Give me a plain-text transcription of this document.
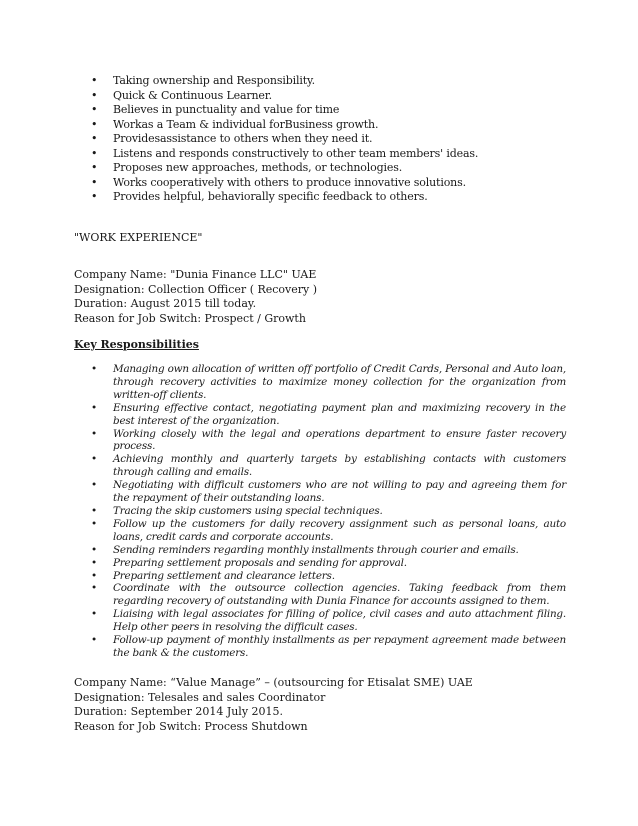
•	Taking ownership and Responsibility.
•	Quick & Continuous Learner.
•	Believes in punctuality and value for time
•	Workas a Team & individual forBusiness growth.
•	Providesassistance to others when they need it.
•	Listens and responds constructively to other team members' ideas.
•	Proposes new approaches, methods, or technologies.
•	Works cooperatively with others to produce innovative solutions.
•	Provides helpful, behaviorally specific feedback to others.
"WORK EXPERIENCE"
Company Name: "Dunia Finance LLC" UAE
Designation: Collection Officer ( Recovery )
Duration: August 2015 till today.
Reason for Job Switch: Prospect / Growth
Key Responsibilities
•	Managing own allocation of written off portfolio of Credit Cards, Personal and Auto loan, through recovery activities to maximize money collection for the organization from written-off clients.
•	Ensuring effective contact, negotiating payment plan and maximizing recovery in the best interest of the organization.
•	Working closely with the legal and operations department to ensure faster recovery process.
•	Achieving monthly and quarterly targets by establishing contacts with customers through calling and emails.
•	Negotiating with difficult customers who are not willing to pay and agreeing them for the repayment of their outstanding loans.
•	Tracing the skip customers using special techniques.
•	Follow up the customers for daily recovery assignment such as personal loans, auto loans, credit cards and corporate accounts.
•	Sending reminders regarding monthly installments through courier and emails.
•	Preparing settlement proposals and sending for approval.
•	Preparing settlement and clearance letters.
•	Coordinate with the outsource collection agencies. Taking feedback from them regarding recovery of outstanding with Dunia Finance for accounts assigned to them.
•	Liaising with legal associates for filling of police, civil cases and auto attachment filing. Help other peers in resolving the difficult cases.
•	Follow-up payment of monthly installments as per repayment agreement made between the bank & the customers.
Company Name: “Value Manage” – (outsourcing for Etisalat SME) UAE
Designation: Telesales and sales Coordinator
Duration: September 2014 July 2015.
Reason for Job Switch: Process Shutdown
